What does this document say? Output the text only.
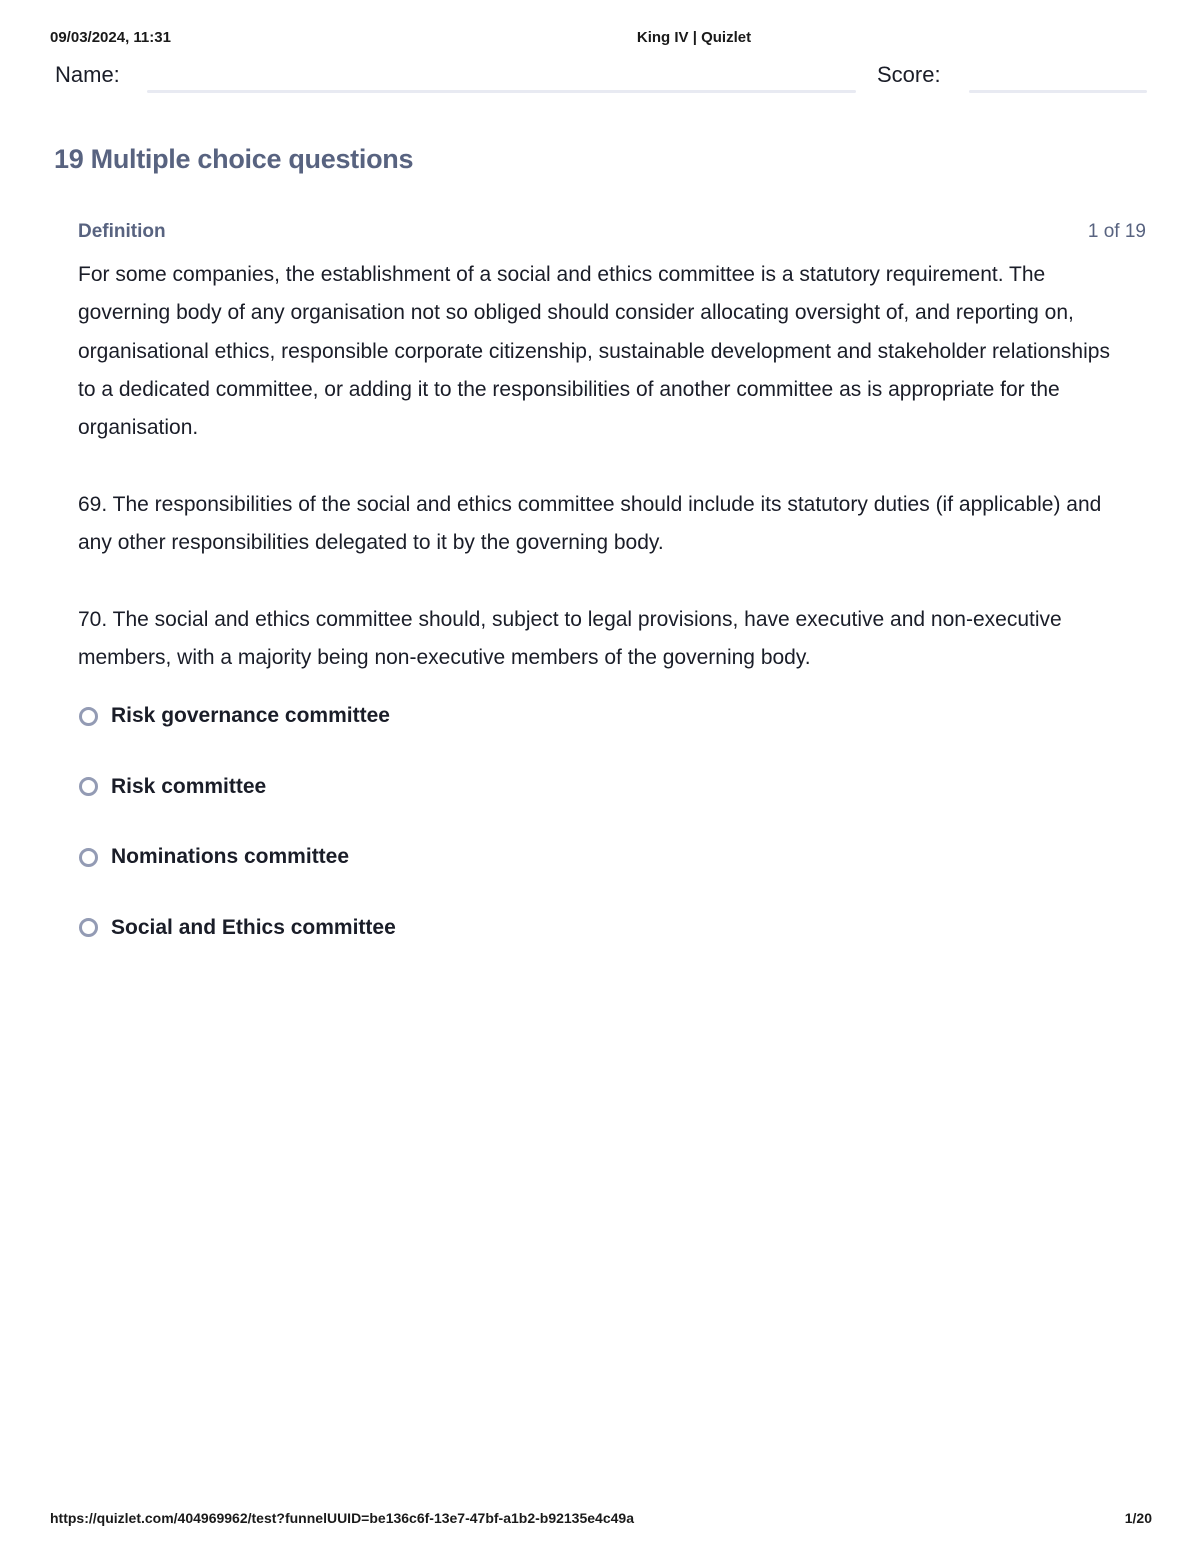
09/03/2024, 11:31	King IV | Quizlet
Name:	Score:
19 Multiple choice questions
Definition	1 of 19

For some companies, the establishment of a social and ethics committee is a statutory requirement. The governing body of any organisation not so obliged should consider allocating oversight of, and reporting on, organisational ethics, responsible corporate citizenship, sustainable development and stakeholder relationships to a dedicated committee, or adding it to the responsibilities of another committee as is appropriate for the organisation.

69. The responsibilities of the social and ethics committee should include its statutory duties (if applicable) and any other responsibilities delegated to it by the governing body.

70. The social and ethics committee should, subject to legal provisions, have executive and non-executive members, with a majority being non-executive members of the governing body.

Risk governance committee
Risk committee
Nominations committee
Social and Ethics committee
https://quizlet.com/404969962/test?funnelUUID=be136c6f-13e7-47bf-a1b2-b92135e4c49a	1/20
